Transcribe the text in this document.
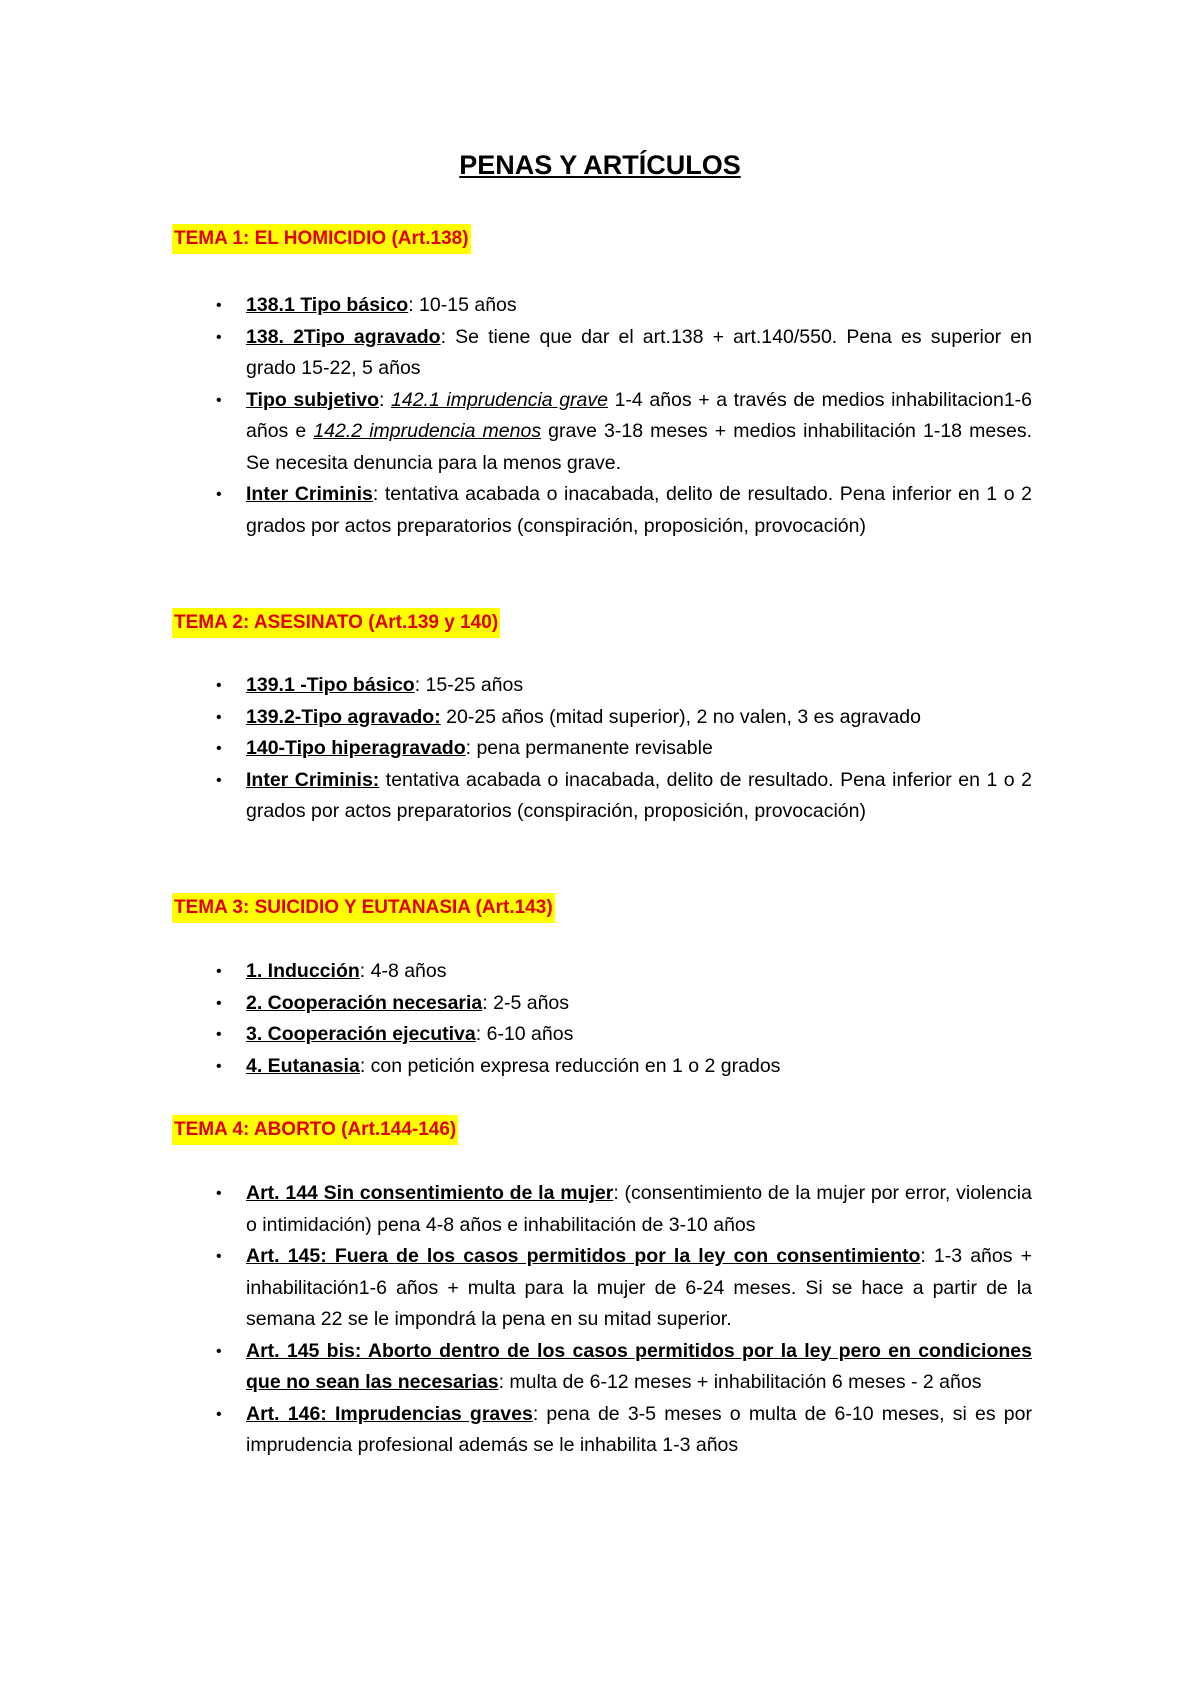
PENAS Y ARTÍCULOS
TEMA 1: EL HOMICIDIO (Art.138)
• 138.1 Tipo básico: 10-15 años
• 138. 2Tipo agravado: Se tiene que dar el art.138 + art.140/550. Pena es superior en grado 15-22, 5 años
• Tipo subjetivo: 142.1 imprudencia grave 1-4 años + a través de medios inhabilitacion1-6 años e 142.2 imprudencia menos grave 3-18 meses + medios inhabilitación 1-18 meses. Se necesita denuncia para la menos grave.
• Inter Criminis: tentativa acabada o inacabada, delito de resultado. Pena inferior en 1 o 2 grados por actos preparatorios (conspiración, proposición, provocación)
TEMA 2: ASESINATO (Art.139 y 140)
• 139.1 -Tipo básico: 15-25 años
• 139.2-Tipo agravado: 20-25 años (mitad superior), 2 no valen, 3 es agravado
• 140-Tipo hiperagravado: pena permanente revisable
• Inter Criminis: tentativa acabada o inacabada, delito de resultado. Pena inferior en 1 o 2 grados por actos preparatorios (conspiración, proposición, provocación)
TEMA 3: SUICIDIO Y EUTANASIA (Art.143)
• 1. Inducción: 4-8 años
• 2. Cooperación necesaria: 2-5 años
• 3. Cooperación ejecutiva: 6-10 años
• 4. Eutanasia: con petición expresa reducción en 1 o 2 grados
TEMA 4: ABORTO (Art.144-146)
• Art. 144 Sin consentimiento de la mujer: (consentimiento de la mujer por error, violencia o intimidación) pena 4-8 años e inhabilitación de 3-10 años
• Art. 145: Fuera de los casos permitidos por la ley con consentimiento: 1-3 años + inhabilitación1-6 años + multa para la mujer de 6-24 meses. Si se hace a partir de la semana 22 se le impondrá la pena en su mitad superior.
• Art. 145 bis: Aborto dentro de los casos permitidos por la ley pero en condiciones que no sean las necesarias: multa de 6-12 meses + inhabilitación 6 meses - 2 años
• Art. 146: Imprudencias graves: pena de 3-5 meses o multa de 6-10 meses, si es por imprudencia profesional además se le inhabilita 1-3 años
